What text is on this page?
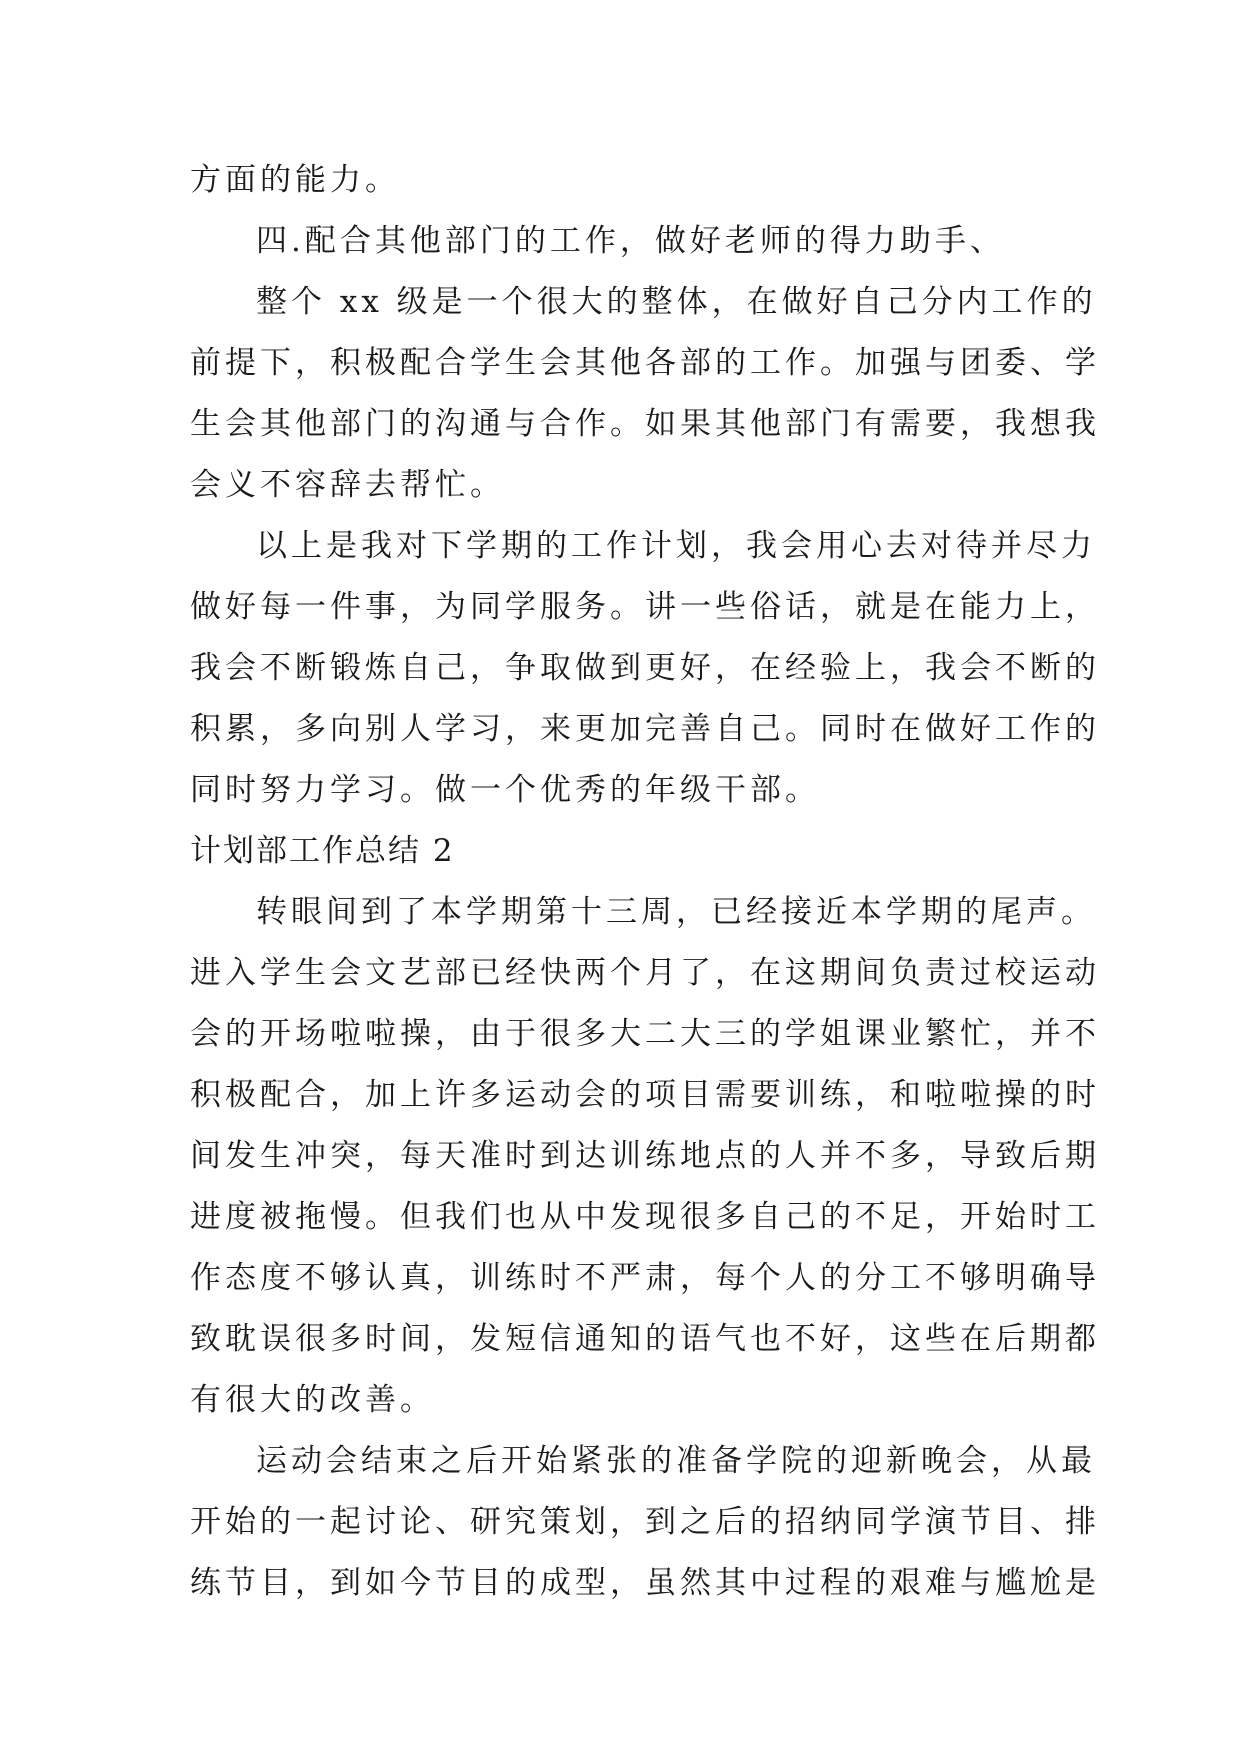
方面的能力。
四.配合其他部门的工作，做好老师的得力助手、
整个 xx 级是一个很大的整体，在做好自己分内工作的
前提下，积极配合学生会其他各部的工作。加强与团委、学
生会其他部门的沟通与合作。如果其他部门有需要，我想我
会义不容辞去帮忙。
以上是我对下学期的工作计划，我会用心去对待并尽力
做好每一件事，为同学服务。讲一些俗话，就是在能力上，
我会不断锻炼自己，争取做到更好，在经验上，我会不断的
积累，多向别人学习，来更加完善自己。同时在做好工作的
同时努力学习。做一个优秀的年级干部。
计划部工作总结 2
转眼间到了本学期第十三周，已经接近本学期的尾声。
进入学生会文艺部已经快两个月了，在这期间负责过校运动
会的开场啦啦操，由于很多大二大三的学姐课业繁忙，并不
积极配合，加上许多运动会的项目需要训练，和啦啦操的时
间发生冲突，每天准时到达训练地点的人并不多，导致后期
进度被拖慢。但我们也从中发现很多自己的不足，开始时工
作态度不够认真，训练时不严肃，每个人的分工不够明确导
致耽误很多时间，发短信通知的语气也不好，这些在后期都
有很大的改善。
运动会结束之后开始紧张的准备学院的迎新晚会，从最
开始的一起讨论、研究策划，到之后的招纳同学演节目、排
练节目，到如今节目的成型，虽然其中过程的艰难与尴尬是
